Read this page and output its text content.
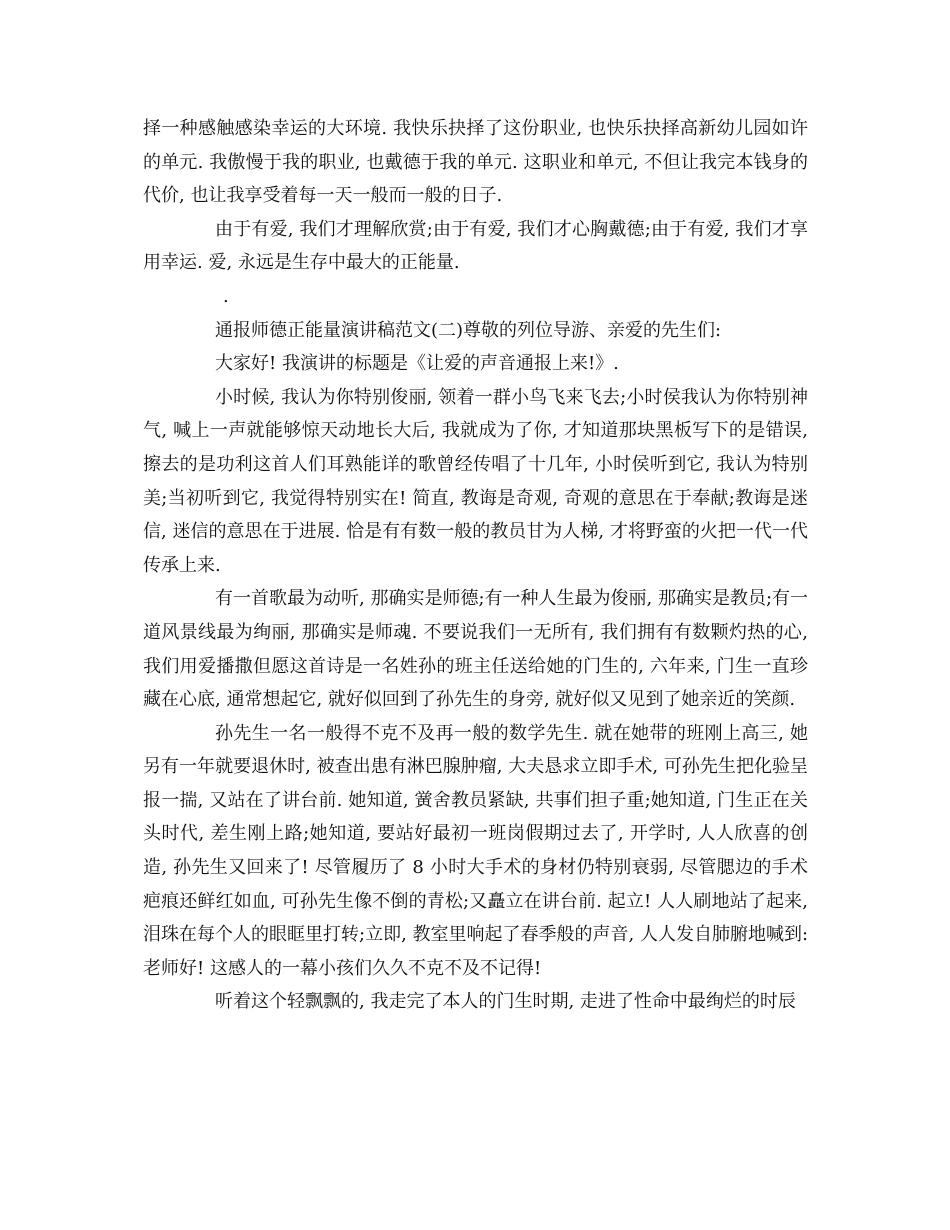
择一种感触感染幸运的大环境. 我快乐抉择了这份职业, 也快乐抉择高新幼儿园如许的单元. 我傲慢于我的职业, 也戴德于我的单元. 这职业和单元, 不但让我完本钱身的代价, 也让我享受着每一天一般而一般的日子.

由于有爱, 我们才理解欣赏;由于有爱, 我们才心胸戴德;由于有爱, 我们才享用幸运. 爱, 永远是生存中最大的正能量.

.

通报师德正能量演讲稿范文(二)尊敬的列位导游、亲爱的先生们:

大家好! 我演讲的标题是《让爱的声音通报上来!》.

小时候, 我认为你特别俊丽, 领着一群小鸟飞来飞去;小时侯我认为你特别神气, 喊上一声就能够惊天动地长大后, 我就成为了你, 才知道那块黑板写下的是错误, 擦去的是功利这首人们耳熟能详的歌曾经传唱了十几年, 小时侯听到它, 我认为特别美;当初听到它, 我觉得特别实在! 简直, 教诲是奇观, 奇观的意思在于奉献;教诲是迷信, 迷信的意思在于进展. 恰是有有数一般的教员甘为人梯, 才将野蛮的火把一代一代传承上来.

有一首歌最为动听, 那确实是师德;有一种人生最为俊丽, 那确实是教员;有一道风景线最为绚丽, 那确实是师魂. 不要说我们一无所有, 我们拥有有数颗灼热的心, 我们用爱播撒但愿这首诗是一名姓孙的班主任送给她的门生的, 六年来, 门生一直珍藏在心底, 通常想起它, 就好似回到了孙先生的身旁, 就好似又见到了她亲近的笑颜.

孙先生一名一般得不克不及再一般的数学先生. 就在她带的班刚上高三, 她另有一年就要退休时, 被查出患有淋巴腺肿瘤, 大夫恳求立即手术, 可孙先生把化验呈报一揣, 又站在了讲台前. 她知道, 黉舍教员紧缺, 共事们担子重;她知道, 门生正在关头时代, 差生刚上路;她知道, 要站好最初一班岗假期过去了, 开学时, 人人欣喜的创造, 孙先生又回来了! 尽管履历了 8 小时大手术的身材仍特别衰弱, 尽管腮边的手术疤痕还鲜红如血, 可孙先生像不倒的青松;又矗立在讲台前. 起立! 人人刷地站了起来, 泪珠在每个人的眼眶里打转;立即, 教室里响起了春季般的声音, 人人发自肺腑地喊到: 老师好! 这感人的一幕小孩们久久不克不及不记得!

听着这个轻飘飘的, 我走完了本人的门生时期, 走进了性命中最绚烂的时辰
